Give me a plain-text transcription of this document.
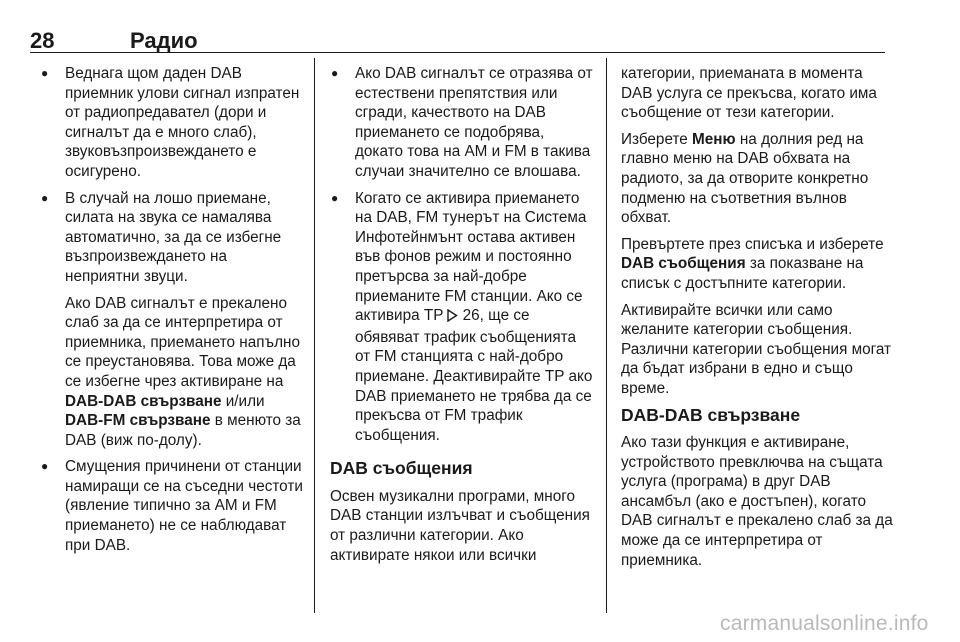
28	Радио

● Веднага щом даден DAB приемник улови сигнал изпратен от радиопредавател (дори и сигналът да е много слаб), звуковъзпроизвеждането е осигурено.

● В случай на лошо приемане, силата на звука се намалява автоматично, за да се избегне възпроизвеждането на неприятни звуци.

Ако DAB сигналът е прекалено слаб за да се интерпретира от приемника, приемането напълно се преустановява. Това може да се избегне чрез активиране на DAB-DAB свързване и/или DAB-FM свързване в менюто за DAB (виж по-долу).

● Смущения причинени от станции намиращи се на съседни честоти (явление типично за AM и FM приемането) не се наблюдават при DAB.

● Ако DAB сигналът се отразява от естествени препятствия или сгради, качеството на DAB приемането се подобрява, докато това на AM и FM в такива случаи значително се влошава.

● Когато се активира приемането на DAB, FM тунерът на Система Инфотейнмънт остава активен във фонов режим и постоянно претърсва за най-добре приеманите FM станции. Ако се активира TP  26, ще се обявяват трафик съобщенията от FM станцията с най-добро приемане. Деактивирайте TP ако DAB приемането не трябва да се прекъсва от FM трафик съобщения.

DAB съобщения

Освен музикални програми, много DAB станции излъчват и съобщения от различни категории. Ако активирате някои или всички

категории, приеманата в момента DAB услуга се прекъсва, когато има съобщение от тези категории.

Изберете Меню на долния ред на главно меню на DAB обхвата на радиото, за да отворите конкретно подменю на съответния вълнов обхват.

Превъртете през списъка и изберете DAB съобщения за показване на списък с достъпните категории.

Активирайте всички или само желаните категории съобщения. Различни категории съобщения могат да бъдат избрани в едно и също време.

DAB-DAB свързване

Ако тази функция е активиране, устройството превключва на същата услуга (програма) в друг DAB ансамбъл (ако е достъпен), когато DAB сигналът е прекалено слаб за да може да се интерпретира от приемника.

carmanualsonline.info
